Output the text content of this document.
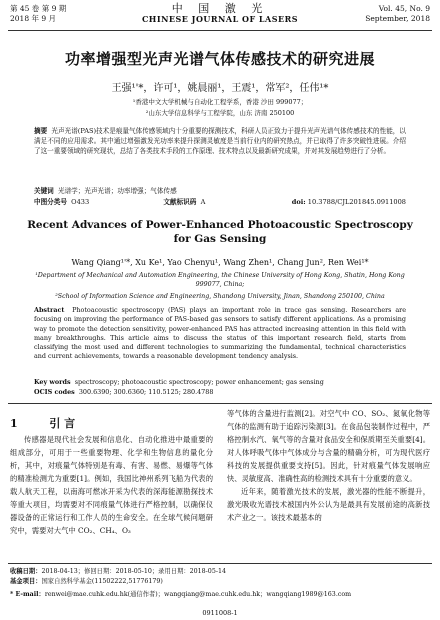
第 45 卷 第 9 期
2018 年 9 月
中 国 激 光
CHINESE JOURNAL OF LASERS
Vol. 45, No. 9
September, 2018
功率增强型光声光谱气体传感技术的研究进展
王强¹'*，许可¹，姚晨丽¹，王震¹，常军²，任伟¹*
¹香港中文大学机械与自动化工程学系，香港 沙田 999077；
²山东大学信息科学与工程学院，山东 济南 250100
摘要 光声光谱(PAS)技术是痕量气体传感领域内十分重要的探测技术，科研人员正致力于提升光声光谱气体传感技术的性能，以满足不同的应用需求。其中通过增强激发光功率来提升探测灵敏度是当前行业内的研究热点，并已取得了许多突破性进展。介绍了这一重要领域的研究现状，总结了各类技术手段的工作原理、技术特点以及最新研究成果，并对其发展趋势进行了分析。
关键词 光谱学；光声光谱；功率增强；气体传感
中图分类号 O433	文献标识码 A	doi: 10.3788/CJL201845.0911008
Recent Advances of Power-Enhanced Photoacoustic Spectroscopy for Gas Sensing
Wang Qiang¹'*, Xu Ke¹, Yao Chenyu¹, Wang Zhen¹, Chang Jun², Ren Wei¹*
¹Department of Mechanical and Automation Engineering, the Chinese University of Hong Kong, Shatin, Hong Kong 999077, China;
²School of Information Science and Engineering, Shandong University, Jinan, Shandong 250100, China
Abstract Photoacoustic spectroscopy (PAS) plays an important role in trace gas sensing. Researchers are focusing on improving the performance of PAS-based gas sensors to satisfy different applications. As a promising way to promote the detection sensitivity, power-enhanced PAS has attracted increasing attention in this field with many breakthroughs. This article aims to discuss the status of this important research field, starts from classifying the most used and different technologies to summarizing the fundamental, technical characteristics and current achievements, towards a reasonable development tendency analysis.
Key words spectroscopy; photoacoustic spectroscopy; power enhancement; gas sensing
OCIS codes 300.6390; 300.6360; 110.5125; 280.4788
1	引 言
传感器是现代社会发展和信息化、自动化推进中最重要的组成部分，可用于一些重要物理、化学和生物信息的量化分析，其中，对痕量气体特别是有毒、有害、易燃、易爆等气体的精准检测尤为重要[1]。例如，我国比神州系列飞船为代表的载人航天工程，以南海可燃冰开采为代表的深海能源勘探技术等重大项目，均需要对不同痕量气体进行严格控制，以确保仪器设备的正常运行和工作人员的生命安全。在全球气候问题研究中，需要对大气中 CO₂、CH₄、O₃
等气体的含量进行监测[2]。对空气中 CO、SO₂、氮氧化物等气体的监测有助于追踪污染源[3]。在食品包装制作过程中，严格控制水汽、氧气等的含量对食品安全和保质期至关重要[4]。对人体呼吸气体中气体成分与含量的精确分析，可为现代医疗科技的发展提供重要支持[5]。因此，针对痕量气体发展响应快、灵敏度高、准确性高的检测技术具有十分重要的意义。
近年来，随着激光技术的发展，激光器的性能不断提升，激光吸收光谱技术被国内外公认为是最具有发展前途的高新技术产业之一。该技术最基本的
收稿日期：2018-04-13；修回日期：2018-05-10；录用日期：2018-05-14
基金项目：国家自然科学基金(11502222,51776179)
* E-mail：renwei@mae.cuhk.edu.hk(通信作者)；wangqiang@mae.cuhk.edu.hk；wangqiang1989@163.com
0911008-1
